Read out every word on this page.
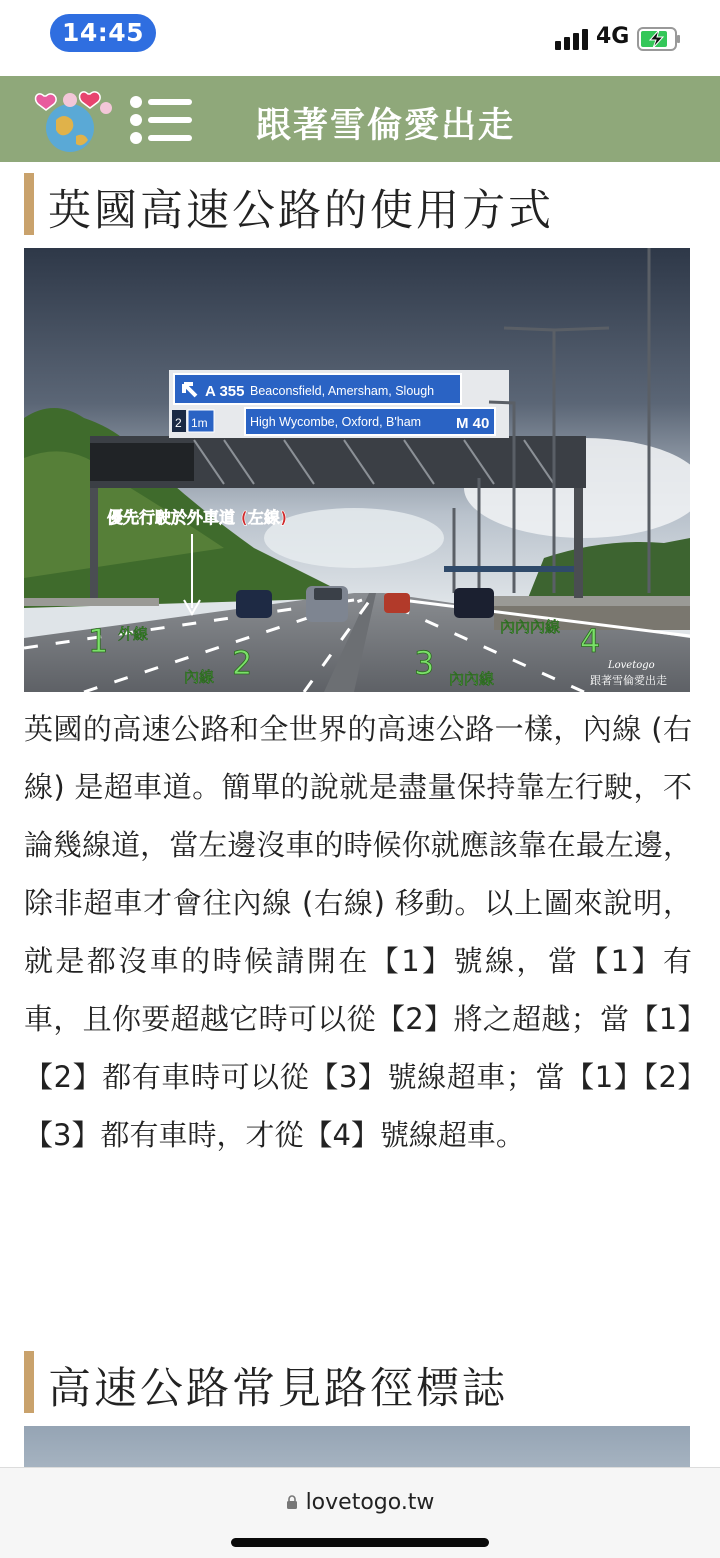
14:45	4G
跟著雪倫愛出走
英國高速公路的使用方式
A 355 Beaconsfield, Amersham, Slough
2 1m	High Wycombe, Oxford, B'ham M 40
優先行駛於外車道 (左線)
1 外線
2
內線	3 內內線
4
內內內線
Lovetogo
跟著雪倫愛出走

英國的高速公路和全世界的高速公路一樣，內線 (右線) 是超車道。簡單的說就是盡量保持靠左行駛，不論幾線道，當左邊沒車的時候你就應該靠在最左邊，除非超車才會往內線 (右線) 移動。以上圖來說明，就是都沒車的時候請開在【1】號線，當【1】有車，且你要超越它時可以從【2】將之超越；當【1】【2】都有車時可以從【3】號線超車；當【1】【2】【3】都有車時，才從【4】號線超車。

高速公路常見路徑標誌
lovetogo.tw
